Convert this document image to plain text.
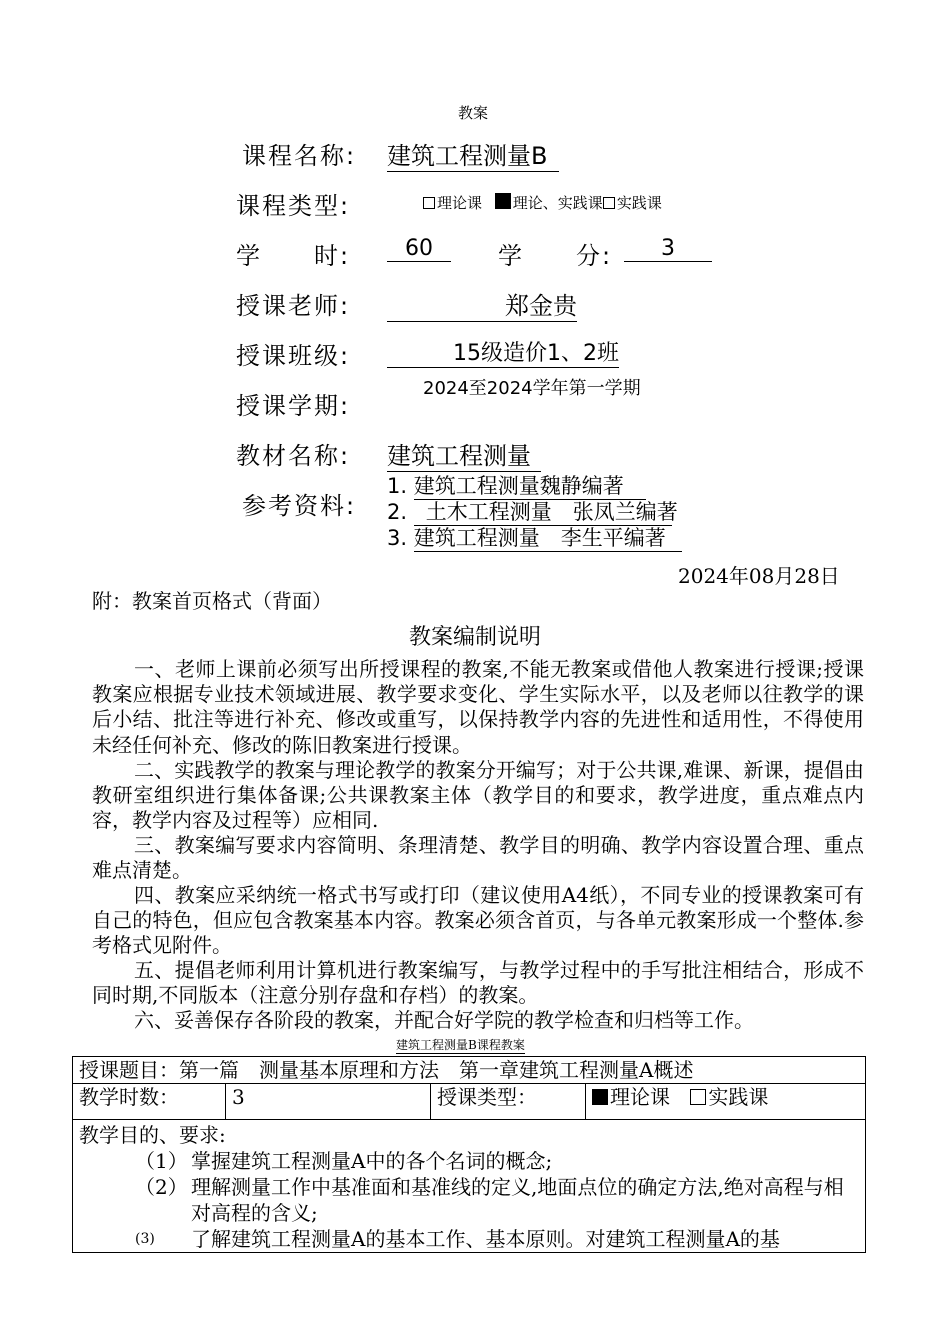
教案
课程名称: 建筑工程测量B
课程类型:	理论课 理论、实践课 实践课
学　　时:	60	学　　分:	3
授课老师:	郑金贵
授课班级:	15级造价1、2班
授课学期:
2024至2024学年第一学期
教材名称: 建筑工程测量
参考资料:
1. 建筑工程测量魏静编著
2. 土木工程测量　张凤兰编著
3. 建筑工程测量　李生平编著
2024年08月28日
附：教案首页格式（背面）
教案编制说明
一、老师上课前必须写出所授课程的教案,不能无教案或借他人教案进行授课;授课教案应根据专业技术领域进展、教学要求变化、学生实际水平，以及老师以往教学的课后小结、批注等进行补充、修改或重写，以保持教学内容的先进性和适用性，不得使用未经任何补充、修改的陈旧教案进行授课。
二、实践教学的教案与理论教学的教案分开编写；对于公共课,难课、新课，提倡由教研室组织进行集体备课;公共课教案主体（教学目的和要求，教学进度，重点难点内容，教学内容及过程等）应相同.
三、教案编写要求内容简明、条理清楚、教学目的明确、教学内容设置合理、重点难点清楚。
四、教案应采纳统一格式书写或打印（建议使用A4纸），不同专业的授课教案可有自己的特色，但应包含教案基本内容。教案必须含首页，与各单元教案形成一个整体.参考格式见附件。
五、提倡老师利用计算机进行教案编写，与教学过程中的手写批注相结合，形成不同时期,不同版本（注意分别存盘和存档）的教案。
六、妥善保存各阶段的教案，并配合好学院的教学检查和归档等工作。
建筑工程测量B课程教案
授课题目：第一篇　测量基本原理和方法　第一章建筑工程测量A概述
教学时数：	3	授课类型：	理论课 实践课

教学目的、要求:
（1） 掌握建筑工程测量A中的各个名词的概念;
（2） 理解测量工作中基准面和基准线的定义,地面点位的确定方法,绝对高程与相对高程的含义;
(3)	了解建筑工程测量A的基本工作、基本原则。对建筑工程测量A的基
